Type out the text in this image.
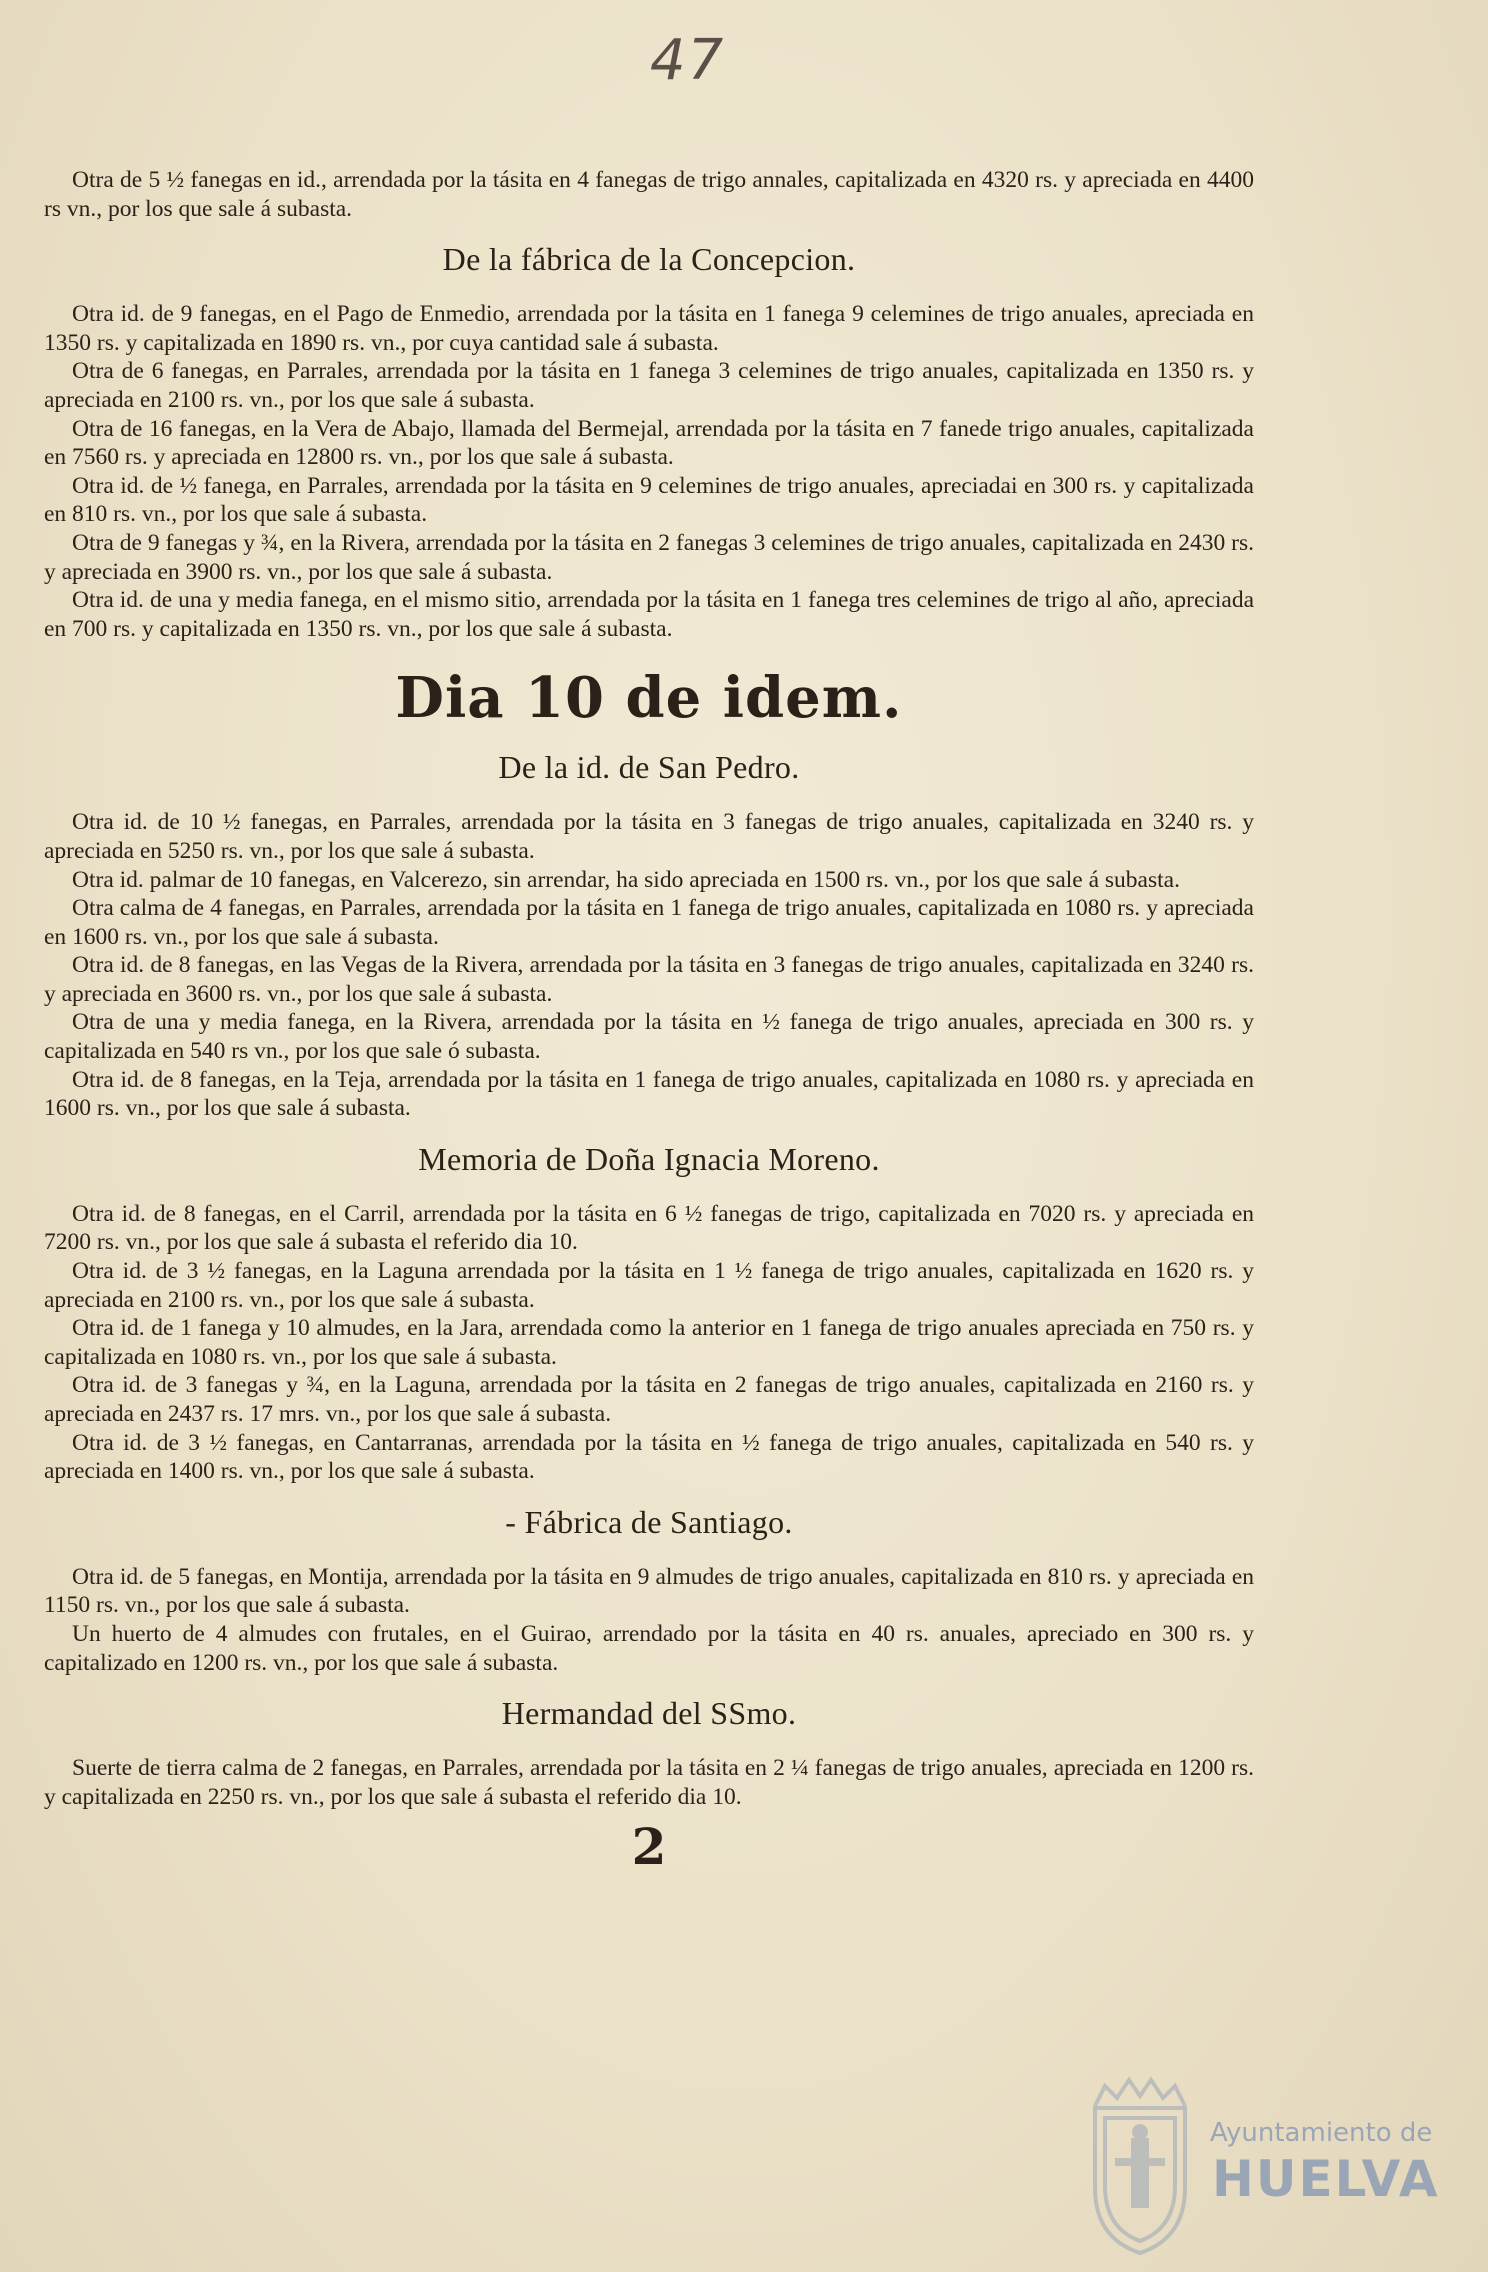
47

Otra de 5 ½ fanegas en id., arrendada por la tásita en 4 fanegas de trigo annales, capitalizada en 4320 rs. y apreciada en 4400 rs vn., por los que sale á subasta.

De la fábrica de la Concepcion.

Otra id. de 9 fanegas, en el Pago de Enmedio, arrendada por la tásita en 1 fanega 9 celemines de trigo anuales, apreciada en 1350 rs. y capitalizada en 1890 rs. vn., por cuya cantidad sale á subasta.

Otra de 6 fanegas, en Parrales, arrendada por la tásita en 1 fanega 3 celemines de trigo anuales, capitalizada en 1350 rs. y apreciada en 2100 rs. vn., por los que sale á subasta.

Otra de 16 fanegas, en la Vera de Abajo, llamada del Bermejal, arrendada por la tásita en 7 fanede trigo anuales, capitalizada en 7560 rs. y apreciada en 12800 rs. vn., por los que sale á subasta.

Otra id. de ½ fanega, en Parrales, arrendada por la tásita en 9 celemines de trigo anuales, apreciadai en 300 rs. y capitalizada en 810 rs. vn., por los que sale á subasta.

Otra de 9 fanegas y ¾, en la Rivera, arrendada por la tásita en 2 fanegas 3 celemines de trigo anuales, capitalizada en 2430 rs. y apreciada en 3900 rs. vn., por los que sale á subasta.

Otra id. de una y media fanega, en el mismo sitio, arrendada por la tásita en 1 fanega tres celemines de trigo al año, apreciada en 700 rs. y capitalizada en 1350 rs. vn., por los que sale á subasta.

Dia 10 de idem.
De la id. de San Pedro.

Otra id. de 10 ½ fanegas, en Parrales, arrendada por la tásita en 3 fanegas de trigo anuales, capitalizada en 3240 rs. y apreciada en 5250 rs. vn., por los que sale á subasta.

Otra id. palmar de 10 fanegas, en Valcerezo, sin arrendar, ha sido apreciada en 1500 rs. vn., por los que sale á subasta.

Otra calma de 4 fanegas, en Parrales, arrendada por la tásita en 1 fanega de trigo anuales, capitalizada en 1080 rs. y apreciada en 1600 rs. vn., por los que sale á subasta.

Otra id. de 8 fanegas, en las Vegas de la Rivera, arrendada por la tásita en 3 fanegas de trigo anuales, capitalizada en 3240 rs. y apreciada en 3600 rs. vn., por los que sale á subasta.

Otra de una y media fanega, en la Rivera, arrendada por la tásita en ½ fanega de trigo anuales, apreciada en 300 rs. y capitalizada en 540 rs vn., por los que sale ó subasta.

Otra id. de 8 fanegas, en la Teja, arrendada por la tásita en 1 fanega de trigo anuales, capitalizada en 1080 rs. y apreciada en 1600 rs. vn., por los que sale á subasta.

Memoria de Doña Ignacia Moreno.

Otra id. de 8 fanegas, en el Carril, arrendada por la tásita en 6 ½ fanegas de trigo, capitalizada en 7020 rs. y apreciada en 7200 rs. vn., por los que sale á subasta el referido dia 10.

Otra id. de 3 ½ fanegas, en la Laguna arrendada por la tásita en 1 ½ fanega de trigo anuales, capitalizada en 1620 rs. y apreciada en 2100 rs. vn., por los que sale á subasta.

Otra id. de 1 fanega y 10 almudes, en la Jara, arrendada como la anterior en 1 fanega de trigo anuales apreciada en 750 rs. y capitalizada en 1080 rs. vn., por los que sale á subasta.

Otra id. de 3 fanegas y ¾, en la Laguna, arrendada por la tásita en 2 fanegas de trigo anuales, capitalizada en 2160 rs. y apreciada en 2437 rs. 17 mrs. vn., por los que sale á subasta.

Otra id. de 3 ½ fanegas, en Cantarranas, arrendada por la tásita en ½ fanega de trigo anuales, capitalizada en 540 rs. y apreciada en 1400 rs. vn., por los que sale á subasta.

- Fábrica de Santiago.

Otra id. de 5 fanegas, en Montija, arrendada por la tásita en 9 almudes de trigo anuales, capitalizada en 810 rs. y apreciada en 1150 rs. vn., por los que sale á subasta.

Un huerto de 4 almudes con frutales, en el Guirao, arrendado por la tásita en 40 rs. anuales, apreciado en 300 rs. y capitalizado en 1200 rs. vn., por los que sale á subasta.

Hermandad del SSmo.

Suerte de tierra calma de 2 fanegas, en Parrales, arrendada por la tásita en 2 ¼ fanegas de trigo anuales, apreciada en 1200 rs. y capitalizada en 2250 rs. vn., por los que sale á subasta el referido dia 10.

2
Ayuntamiento de
HUELVA
